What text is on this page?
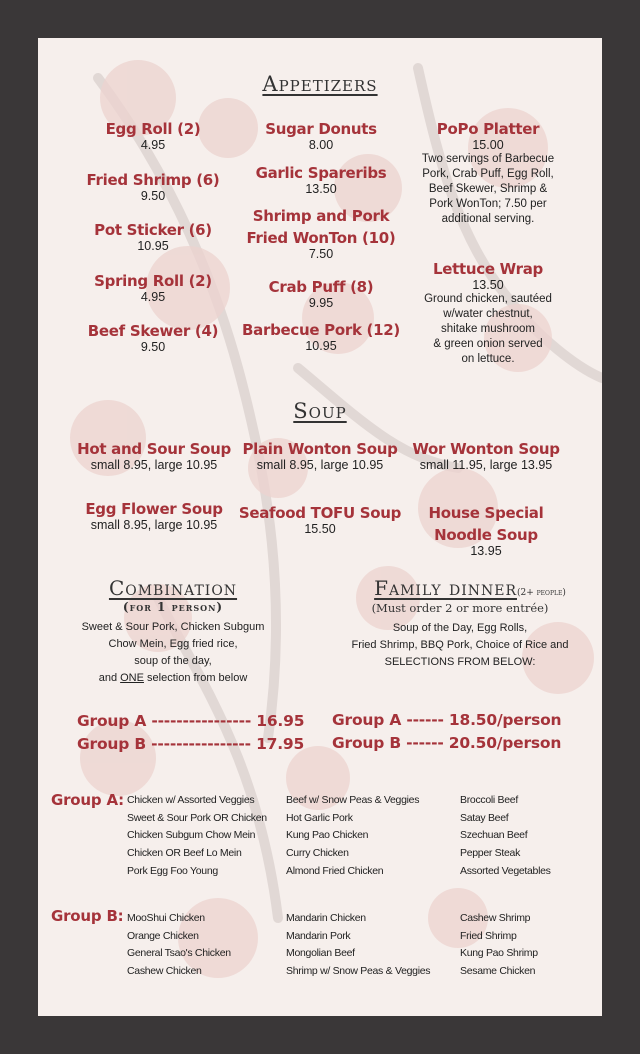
Appetizers
Egg Roll (2)
4.95
Fried Shrimp (6)
9.50
Pot Sticker (6)
10.95
Spring Roll (2)
4.95
Beef Skewer (4)
9.50
Sugar Donuts
8.00
Garlic Spareribs
13.50
Shrimp and Pork
Fried WonTon (10)
7.50
Crab Puff (8)
9.95
Barbecue Pork (12)
10.95
PoPo Platter
15.00
Two servings of Barbecue
Pork, Crab Puff, Egg Roll,
Beef Skewer, Shrimp &
Pork WonTon; 7.50 per
additional serving.
Lettuce Wrap
13.50
Ground chicken, sautéed
w/water chestnut,
shitake mushroom
& green onion served
on lettuce.
Soup
Hot and Sour Soup
small 8.95, large 10.95
Plain Wonton Soup
small 8.95, large 10.95
Wor Wonton Soup
small 11.95, large 13.95
Egg Flower Soup
small 8.95, large 10.95
Seafood TOFU Soup
15.50
House Special
Noodle Soup
13.95
Combination
(for 1 person)
Sweet & Sour Pork, Chicken Subgum
Chow Mein, Egg fried rice,
soup of the day,
and ONE selection from below
Family dinner(2+ people)
(Must order 2 or more entrée)
Soup of the Day, Egg Rolls,
Fried Shrimp, BBQ Pork, Choice of Rice and
SELECTIONS FROM BELOW:
Group A ---------------- 16.95
Group B ---------------- 17.95
Group A ------ 18.50/person
Group B ------ 20.50/person
Group A: Chicken w/ Assorted Veggies
Sweet & Sour Pork OR Chicken
Chicken Subgum Chow Mein
Chicken OR Beef Lo Mein
Pork Egg Foo Young
Beef w/ Snow Peas & Veggies
Hot Garlic Pork
Kung Pao Chicken
Curry Chicken
Almond Fried Chicken
Broccoli Beef
Satay Beef
Szechuan Beef
Pepper Steak
Assorted Vegetables
Group B: MooShui Chicken
Orange Chicken
General Tsao's Chicken
Cashew Chicken
Mandarin Chicken
Mandarin Pork
Mongolian Beef
Shrimp w/ Snow Peas & Veggies
Cashew Shrimp
Fried Shrimp
Kung Pao Shrimp
Sesame Chicken
